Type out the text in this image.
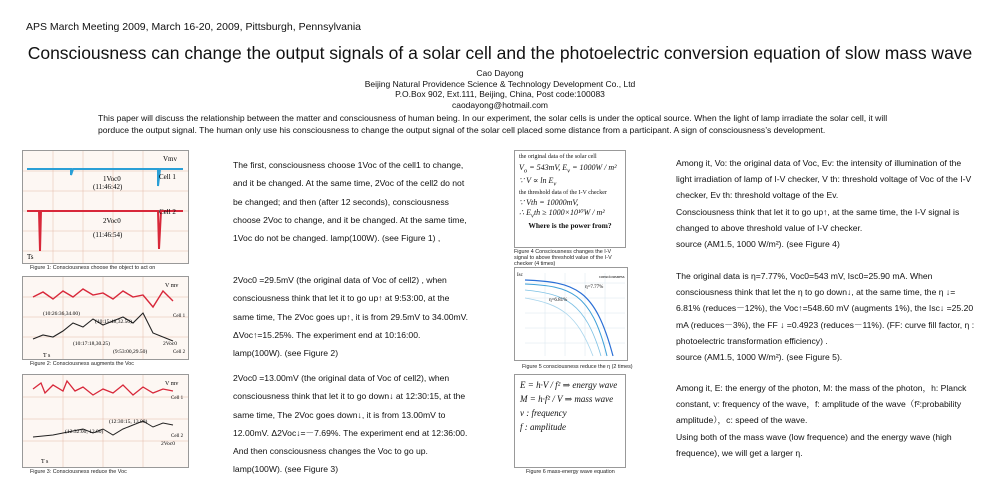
APS March Meeting 2009, March 16-20, 2009, Pittsburgh, Pennsylvania
Consciousness can change the output signals of a solar cell and the photoelectric conversion equation of slow mass wave
Cao Dayong
Beijing Natural Providence Science & Technology Development Co., Ltd
P.O.Box 902, Ext.111, Beijing, China, Post code:100083
caodayong@hotmail.com
This paper will discuss the relationship between the matter and consciousness of human being. In our experiment, the solar cells is under the optical source. When the light of lamp irradiate the solar cell, it will porduce the output signal. The human only use his consciousness to change the output signal of the solar cell placed some distance from a participant. A sign of consciousness’s development.
Vmv
Cell 1
Cell 2
1Voc0
(11:46:42)
2Voc0
(11:46:54)
Ts
Figure 1: Consciousness choose the object to act on
V mv
Cell 1
Cell 2
(10:26:36,34.00)
(10:15:48,32.50)
(10:17:18,30.25)
(9:53:00,29.50)
2Voc0
T s
Figure 2: Consciousness augments the Voc
V mv
Cell 1
Cell 2
(12:30:15, 13.00)
(12:32:00, 12.00)
2Voc0
T s
Figure 3: Consciousness reduce the Voc
The first, consciousness choose 1Voc of the cell1 to change, and it be changed. At the same time, 2Voc of the cell2 do not be changed; and then (after 12 seconds), consciousness choose 2Voc to change, and it be changed. At the same time, 1Voc do not be changed. lamp(100W). (see Figure 1) ,
2Voc0 =29.5mV (the original data of Voc of cell2) , when consciousness think that let it to go up↑ at 9:53:00, at the same time, The 2Voc goes up↑, it is from 29.5mV to 34.00mV. ΔVoc↑=15.25%. The experiment end at 10:16:00. lamp(100W). (see Figure 2)
2Voc0 =13.00mV (the original data of Voc of cell2), when consciousness think that let it to go down↓ at 12:30:15, at the same time, The 2Voc goes down↓, it is from 13.00mV to 12.00mV. Δ2Voc↓=－7.69%. The experiment end at 12:36:00. And then consciousness changes the Voc to go up. lamp(100W). (see Figure 3)
the original data of the solar cell
$V_o = 543mV$, $E_v = 1000W / m^2$
∵ $V \propto \ln E_v$
the threshold data of the I-V checker
∵ Vth = 10000mV,
∴ $E_vth \ge 1000\times 10^{10}W / m^2$
Where is the power from?
Figure 4 Consciousness changes the I-V signal to above threshold value of the I-V checker (4 times)
Isc	consciousness
η=7.77%
η=6.81%
Figure 5 consciousness reduce the η (2 times)
E = h·V / f² ⇒ energy wave
M = h·f² / V ⇒ mass wave
v : frequency
f : amplitude
Figure 6 mass-energy wave equation
Among it, Vo: the original data of Voc, Ev: the intensity of illumination of the light irradiation of lamp of I-V checker, V th: threshold voltage of Voc of the I-V checker, Ev th: threshold voltage of the Ev.
Consciousness think that let it to go up↑, at the same time, the I-V signal is changed to above threshold value of I-V checker.
source (AM1.5, 1000 W/m²). (see Figure 4)
The original data is η=7.77%, Voc0=543 mV, Isc0=25.90 mA. When consciousness think that let the η to go down↓, at the same time, the η ↓= 6.81% (reduces－12%), the Voc↑=548.60 mV (augments 1%), the Isc↓ =25.20 mA (reduces－3%), the FF ↓ =0.4923 (reduces－11%). (FF: curve fill factor, η : photoelectric transformation efficiency) .
source (AM1.5, 1000 W/m²). (see Figure 5).
Among it, E: the energy of the photon, M: the mass of the photon，h: Planck constant, v: frequency of the wave，f: amplitude of the wave（f²:probability amplitude），c: speed of the wave.
Using both of the mass wave (low frequence) and the energy wave (high frequence), we will get a larger η.
